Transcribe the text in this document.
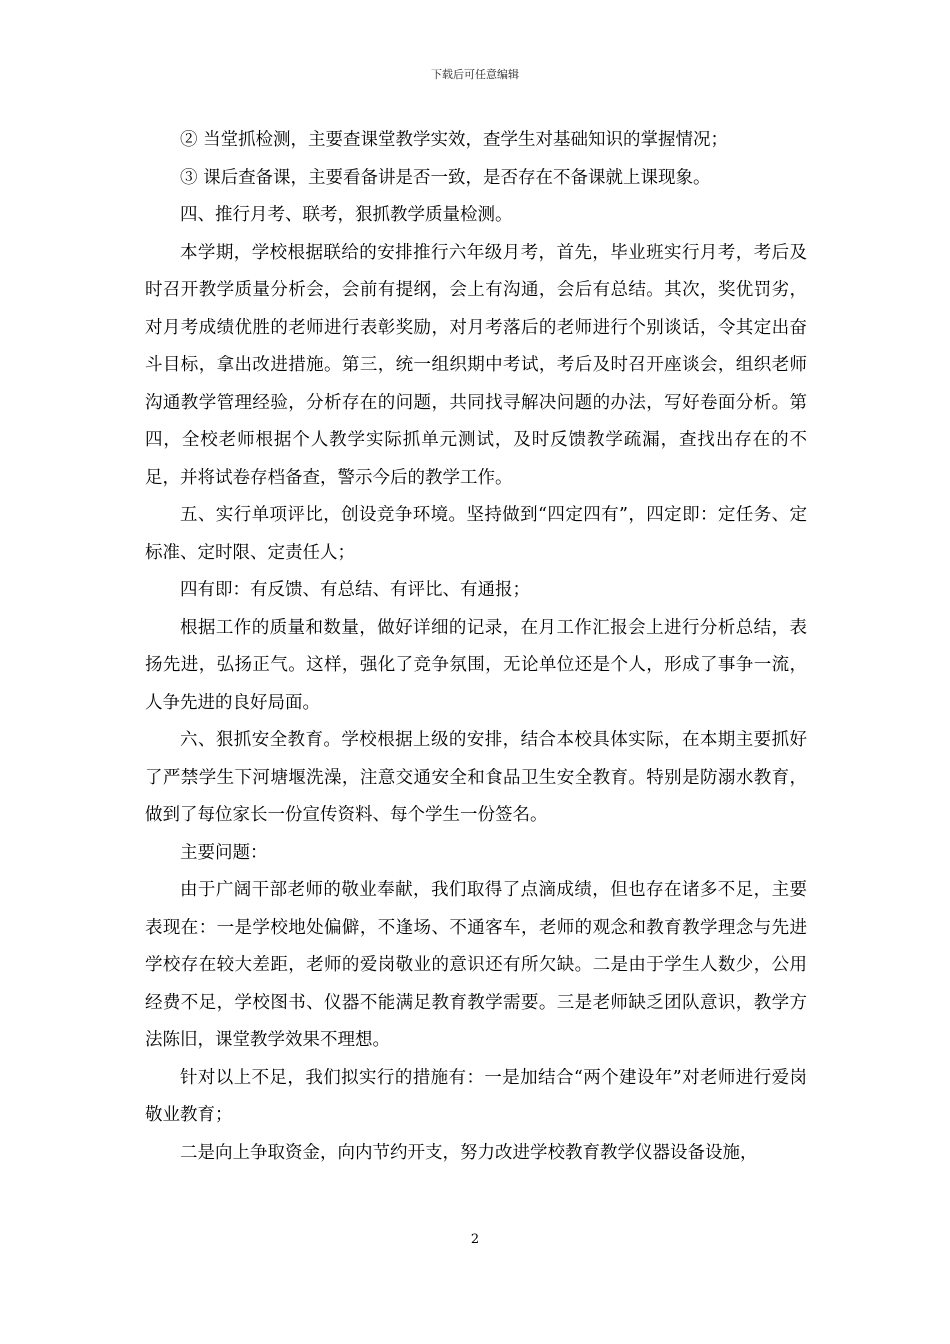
下载后可任意编辑

② 当堂抓检测，主要查课堂教学实效，查学生对基础知识的掌握情况；

③ 课后查备课，主要看备讲是否一致，是否存在不备课就上课现象。

四、推行月考、联考，狠抓教学质量检测。

本学期，学校根据联给的安排推行六年级月考，首先，毕业班实行月考，考后及时召开教学质量分析会，会前有提纲，会上有沟通，会后有总结。其次，奖优罚劣，对月考成绩优胜的老师进行表彰奖励，对月考落后的老师进行个别谈话，令其定出奋斗目标，拿出改进措施。第三，统一组织期中考试，考后及时召开座谈会，组织老师沟通教学管理经验，分析存在的问题，共同找寻解决问题的办法，写好卷面分析。第四，全校老师根据个人教学实际抓单元测试，及时反馈教学疏漏，查找出存在的不足，并将试卷存档备查，警示今后的教学工作。

五、实行单项评比，创设竞争环境。坚持做到“四定四有”，四定即：定任务、定标准、定时限、定责任人；

四有即：有反馈、有总结、有评比、有通报；

根据工作的质量和数量，做好详细的记录，在月工作汇报会上进行分析总结，表扬先进，弘扬正气。这样，强化了竞争氛围，无论单位还是个人，形成了事争一流，人争先进的良好局面。

六、狠抓安全教育。学校根据上级的安排，结合本校具体实际，在本期主要抓好了严禁学生下河塘堰洗澡，注意交通安全和食品卫生安全教育。特别是防溺水教育，做到了每位家长一份宣传资料、每个学生一份签名。

主要问题：

由于广阔干部老师的敬业奉献，我们取得了点滴成绩，但也存在诸多不足，主要表现在：一是学校地处偏僻，不逢场、不通客车，老师的观念和教育教学理念与先进学校存在较大差距，老师的爱岗敬业的意识还有所欠缺。二是由于学生人数少，公用经费不足，学校图书、仪器不能满足教育教学需要。三是老师缺乏团队意识，教学方法陈旧，课堂教学效果不理想。

针对以上不足，我们拟实行的措施有：一是加结合“两个建设年”对老师进行爱岗敬业教育；

二是向上争取资金，向内节约开支，努力改进学校教育教学仪器设备设施，

2
